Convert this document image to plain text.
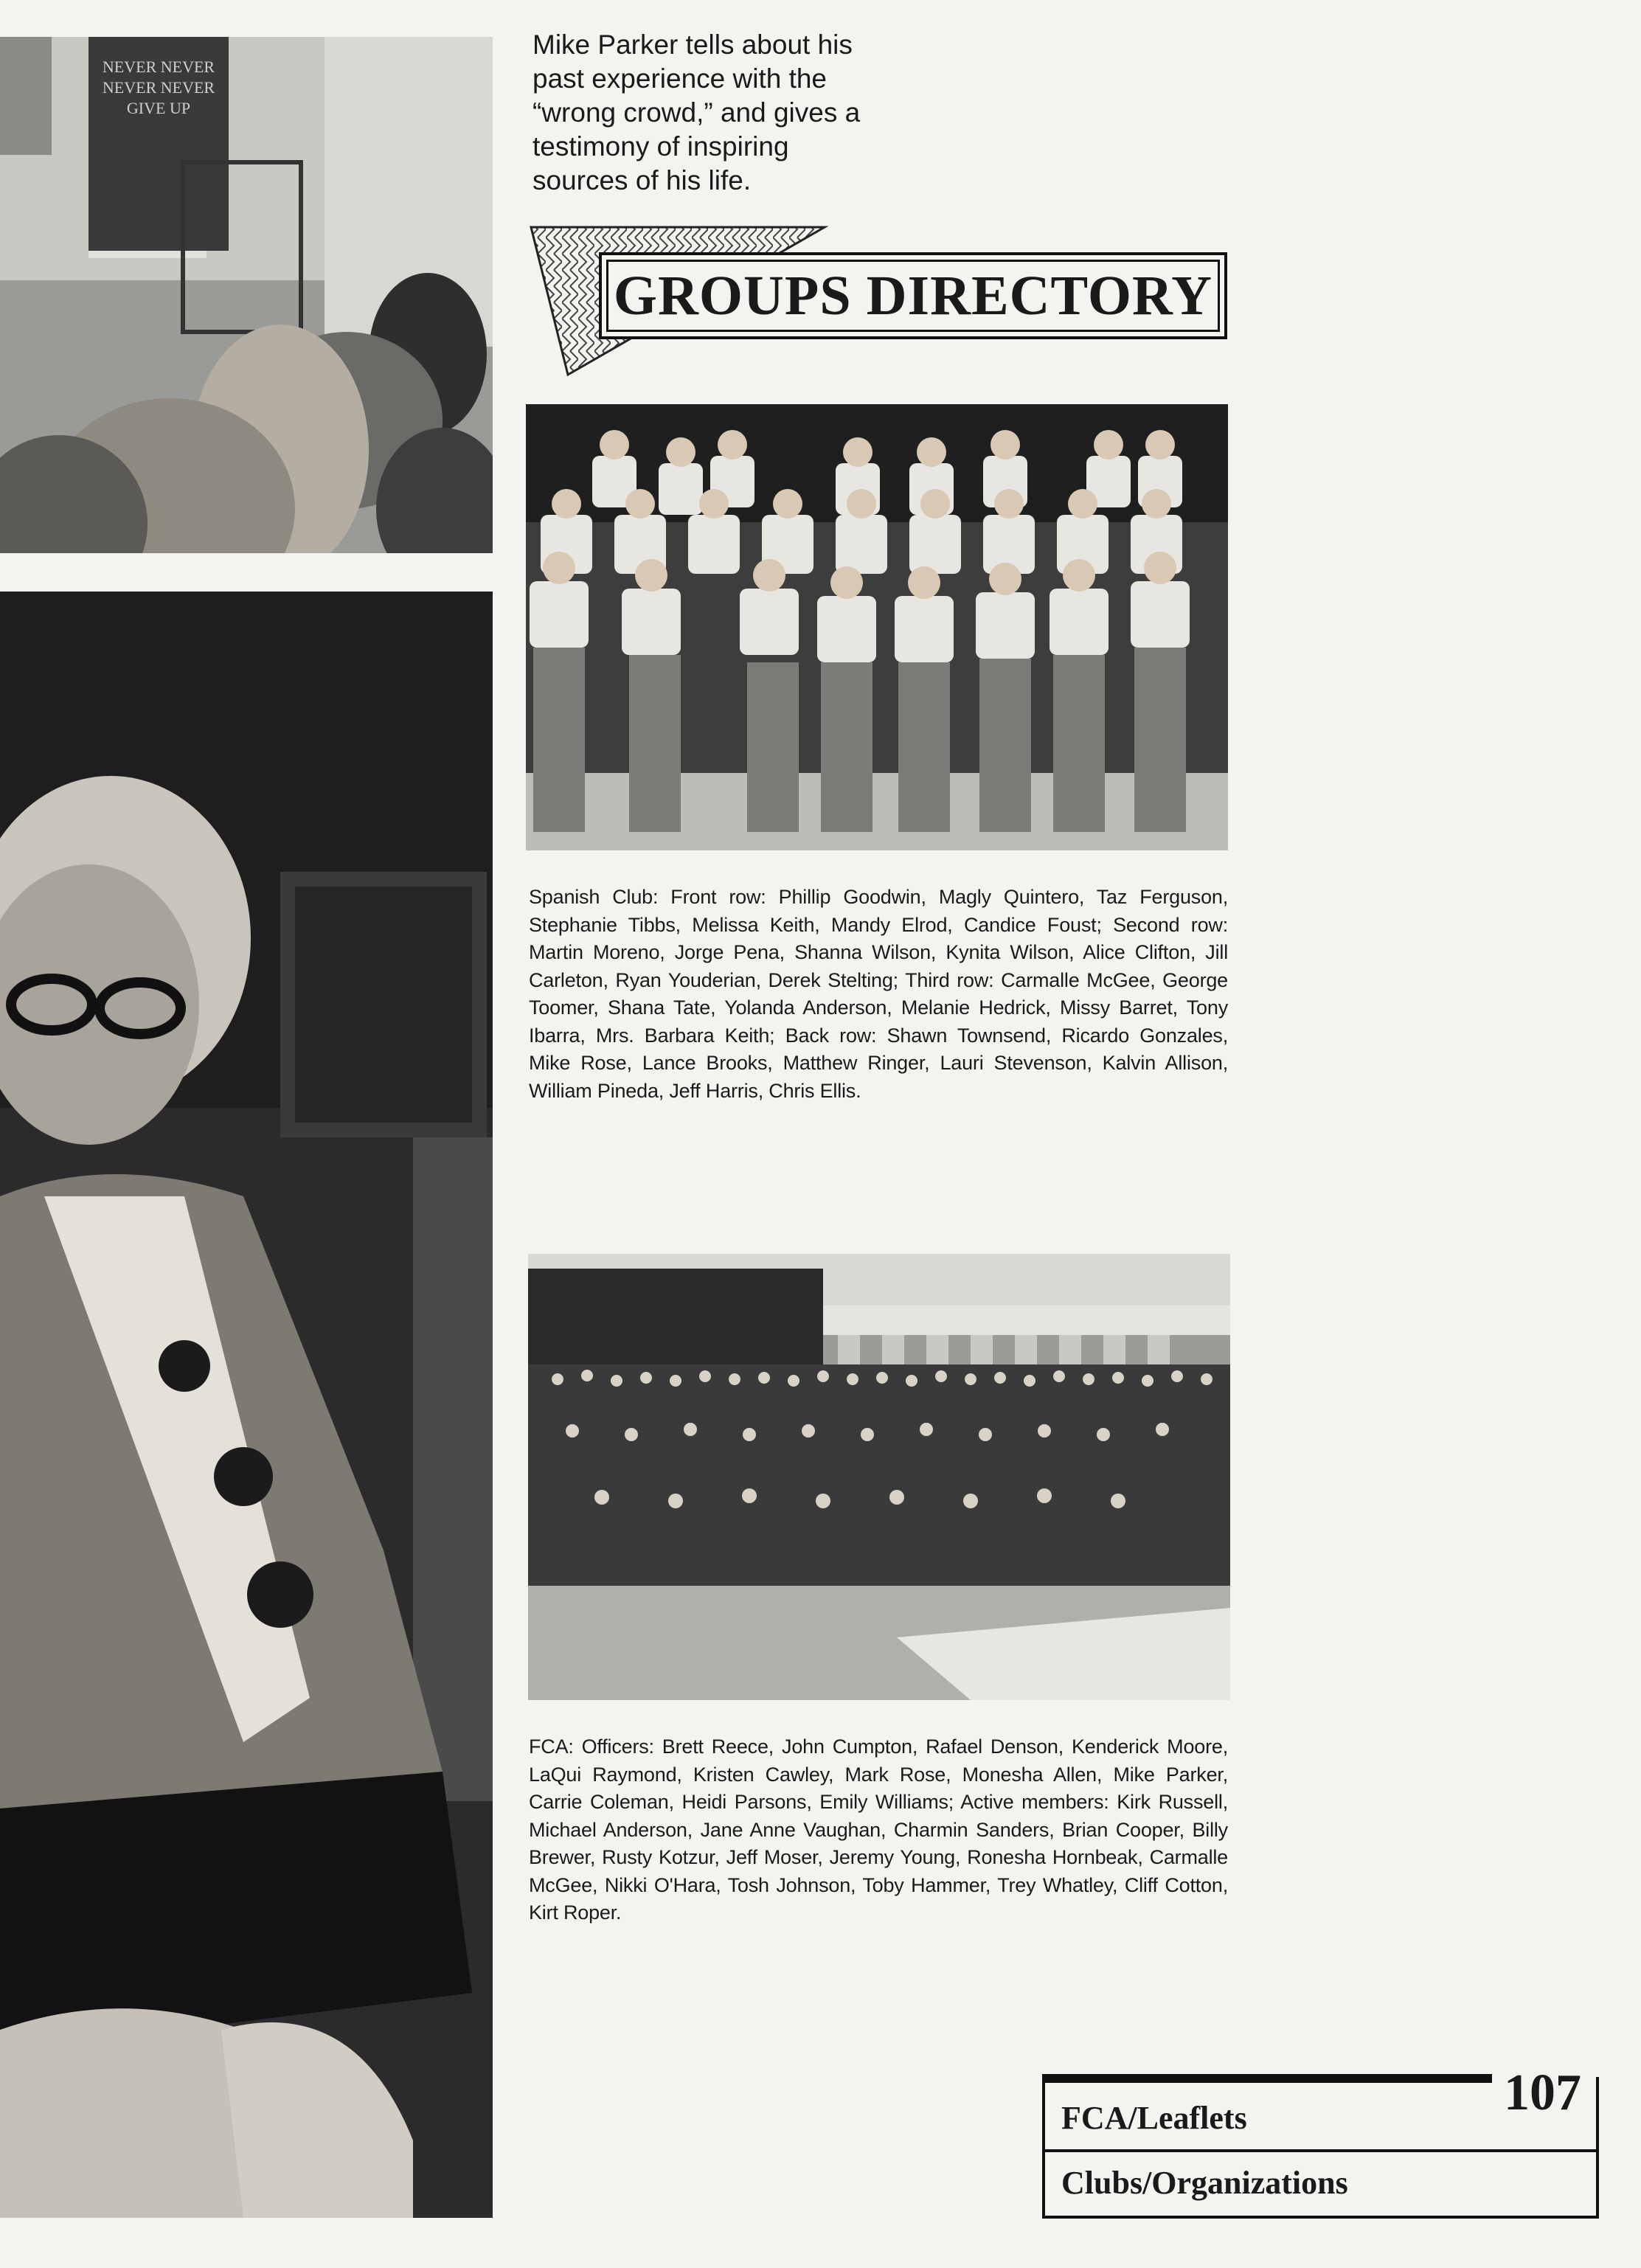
NEVER NEVER
NEVER NEVER
GIVE UP

Mike Parker tells about his past experience with the “wrong crowd,” and gives a testimony of inspiring sources of his life.

GROUPS DIRECTORY

Spanish Club: Front row: Phillip Goodwin, Magly Quintero, Taz Ferguson, Stephanie Tibbs, Melissa Keith, Mandy Elrod, Candice Foust; Second row: Martin Moreno, Jorge Pena, Shanna Wilson, Kynita Wilson, Alice Clifton, Jill Carleton, Ryan Youderian, Derek Stelting; Third row: Carmalle McGee, George Toomer, Shana Tate, Yolanda Anderson, Melanie Hedrick, Missy Barret, Tony Ibarra, Mrs. Barbara Keith; Back row: Shawn Townsend, Ricardo Gonzales, Mike Rose, Lance Brooks, Matthew Ringer, Lauri Stevenson, Kalvin Allison, William Pineda, Jeff Harris, Chris Ellis.

FCA: Officers: Brett Reece, John Cumpton, Rafael Denson, Kenderick Moore, LaQui Raymond, Kristen Cawley, Mark Rose, Monesha Allen, Mike Parker, Carrie Coleman, Heidi Parsons, Emily Williams; Active members: Kirk Russell, Michael Anderson, Jane Anne Vaughan, Charmin Sanders, Brian Cooper, Billy Brewer, Rusty Kotzur, Jeff Moser, Jeremy Young, Ronesha Hornbeak, Carmalle McGee, Nikki O'Hara, Tosh Johnson, Toby Hammer, Trey Whatley, Cliff Cotton, Kirt Roper.

107
FCA/Leaflets
Clubs/Organizations
